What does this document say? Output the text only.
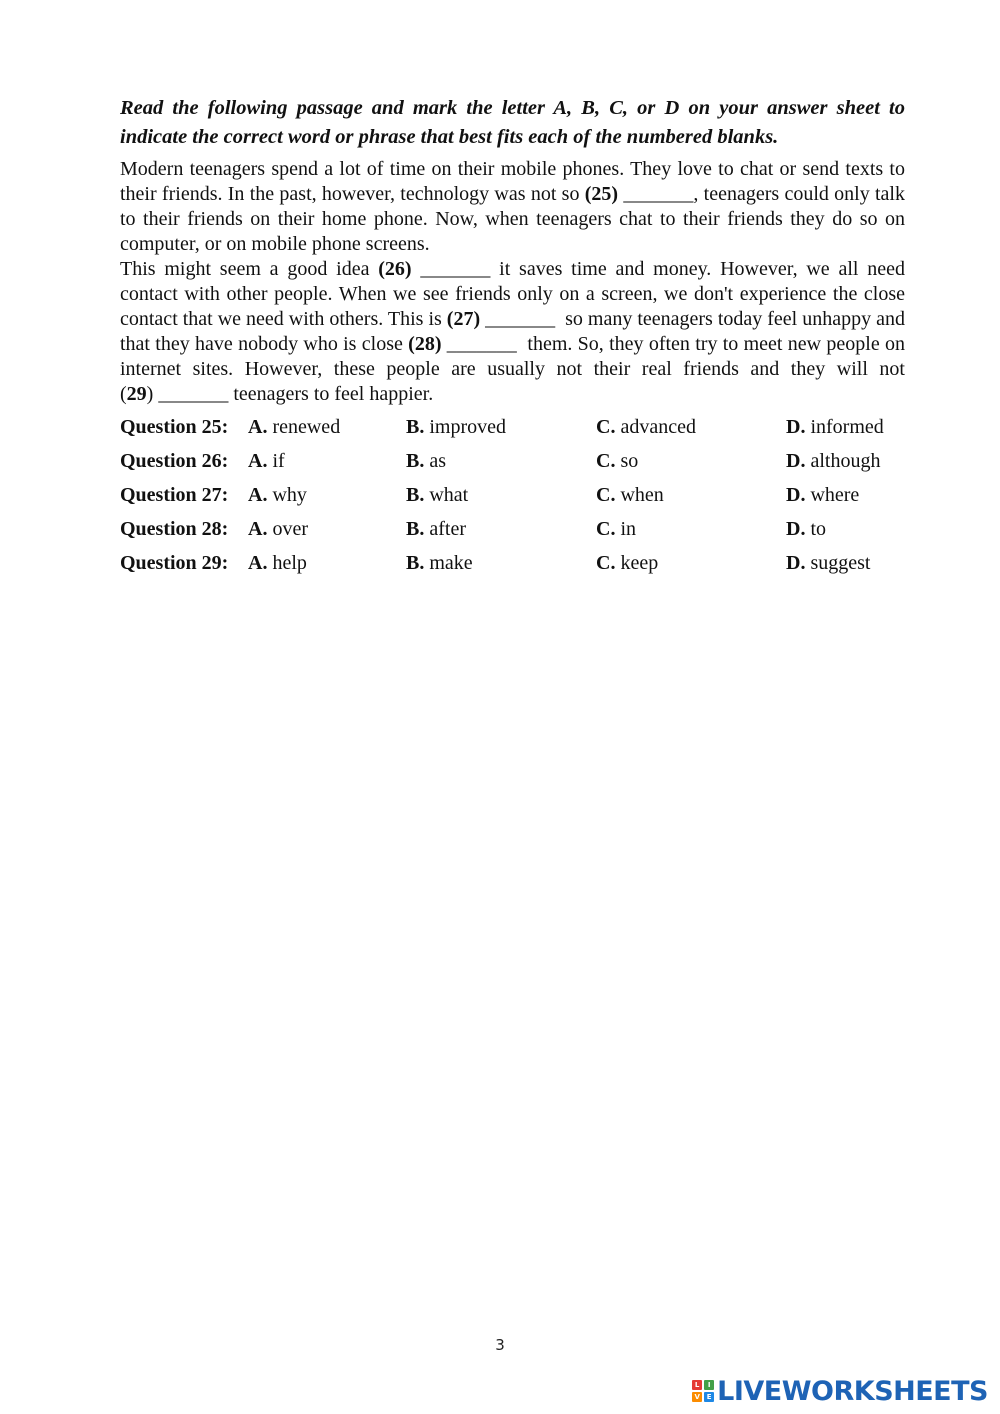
Read the following passage and mark the letter A, B, C, or D on your answer sheet to indicate the correct word or phrase that best fits each of the numbered blanks.

Modern teenagers spend a lot of time on their mobile phones. They love to chat or send texts to their friends. In the past, however, technology was not so (25) _______, teenagers could only talk to their friends on their home phone. Now, when teenagers chat to their friends they do so on computer, or on mobile phone screens.

This might seem a good idea (26) _______ it saves time and money. However, we all need contact with other people. When we see friends only on a screen, we don't experience the close contact that we need with others. This is (27) _______  so many teenagers today feel unhappy and that they have nobody who is close (28) _______  them. So, they often try to meet new people on internet sites. However, these people are usually not their real friends and they will not (29) _______ teenagers to feel happier.

Question 25: A. renewed	B. improved	C. advanced	D. informed
Question 26: A. if	B. as	C. so	D. although
Question 27: A. why	B. what	C. when	D. where
Question 28: A. over	B. after	C. in	D. to
Question 29: A. help	B. make	C. keep	D. suggest
3
L	I
V E LIVEWORKSHEETS
